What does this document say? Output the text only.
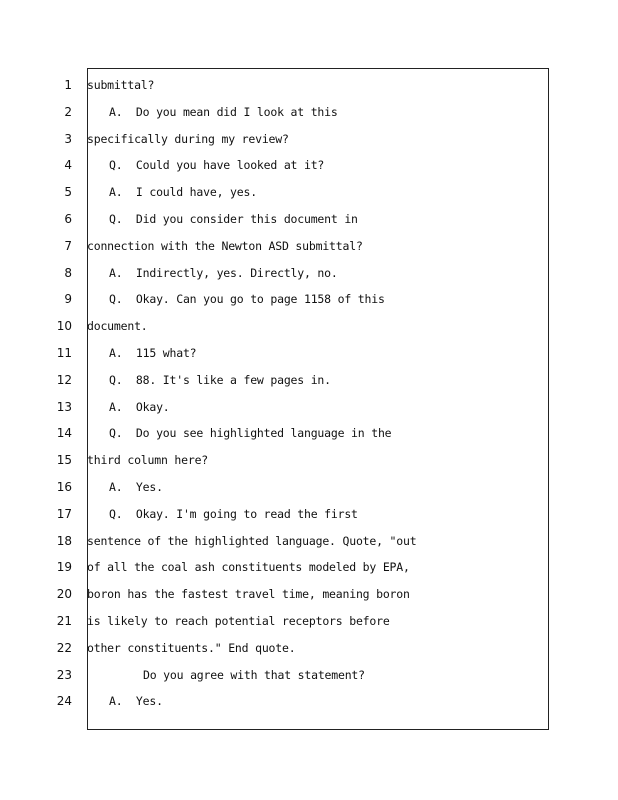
1 submittal?
2	A.  Do you mean did I look at this
3 specifically during my review?
4	Q.  Could you have looked at it?
5	A.  I could have, yes.
6	Q.  Did you consider this document in
7 connection with the Newton ASD submittal?
8	A.  Indirectly, yes. Directly, no.
9	Q.  Okay. Can you go to page 1158 of this
10 document.
11	A.  115 what?
12	Q.  88. It's like a few pages in.
13	A.  Okay.
14	Q.  Do you see highlighted language in the
15 third column here?
16	A.  Yes.
17	Q.  Okay. I'm going to read the first
18 sentence of the highlighted language. Quote, "out
19 of all the coal ash constituents modeled by EPA,
20 boron has the fastest travel time, meaning boron
21 is likely to reach potential receptors before
22 other constituents." End quote.
23	Do you agree with that statement?
24	A.  Yes.
